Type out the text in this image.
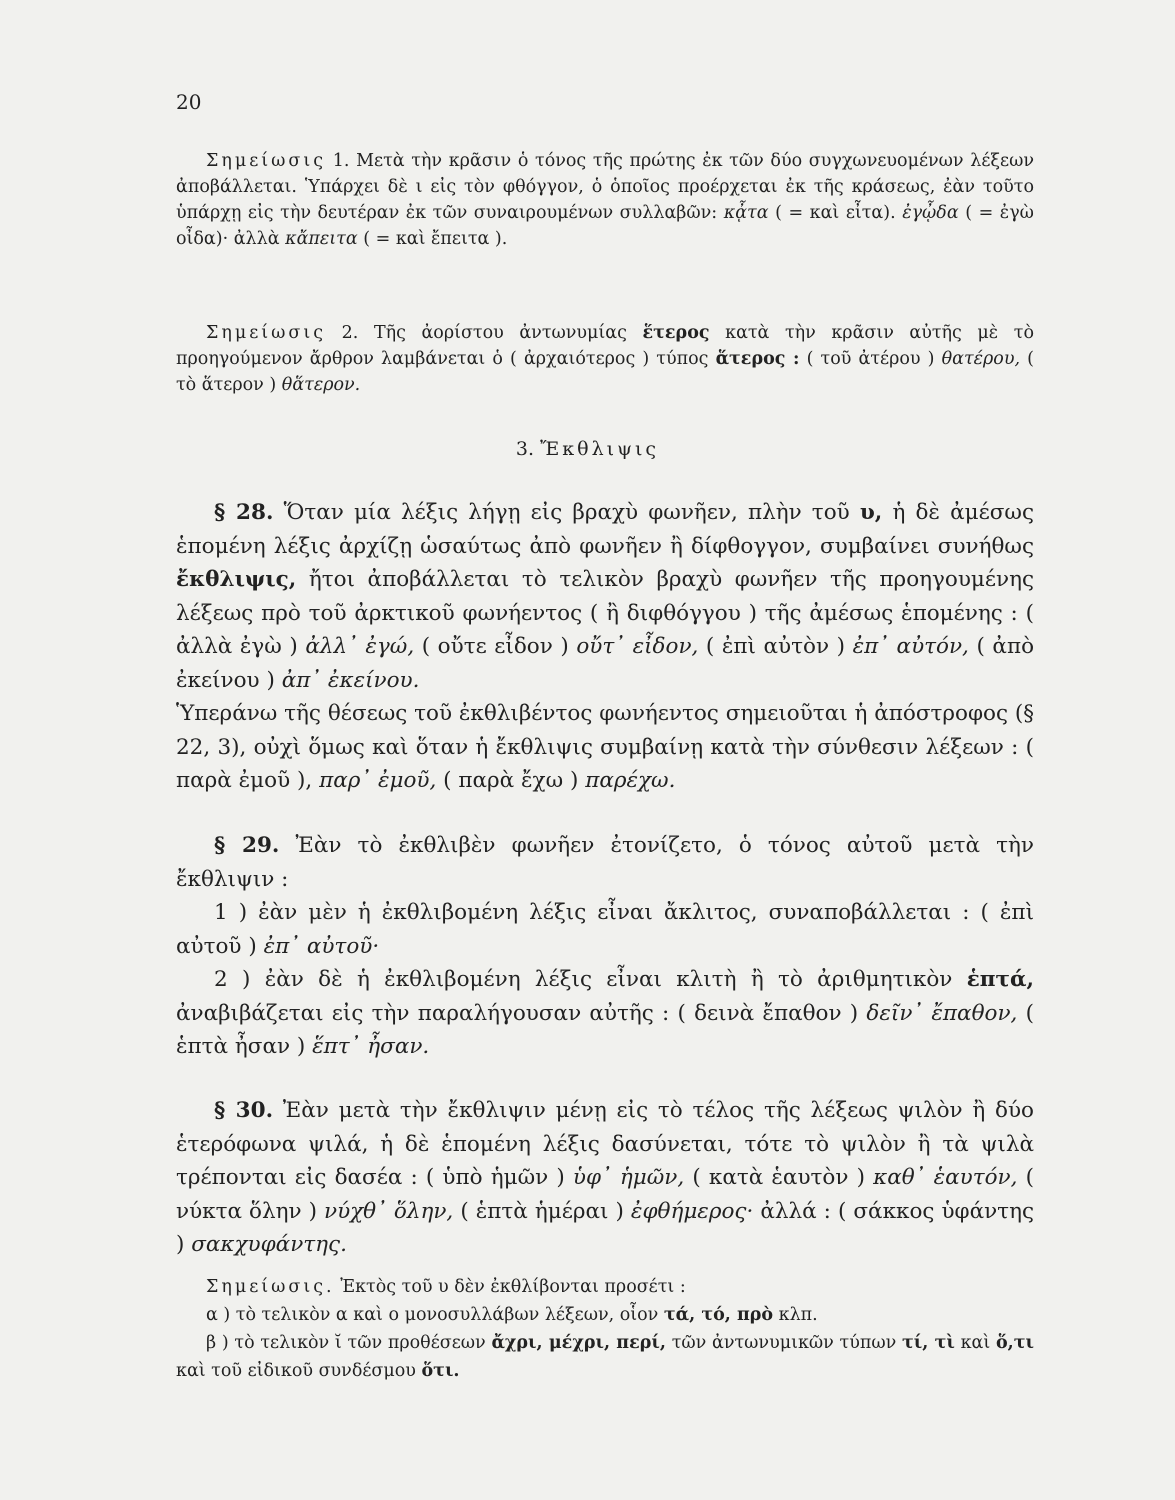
20

Σημείωσις 1. Μετὰ τὴν κρᾶσιν ὁ τόνος τῆς πρώτης ἐκ τῶν δύο συγχωνευομένων λέξεων ἀποβάλλεται. Ὑπάρχει δὲ ι εἰς τὸν φθόγγον, ὁ ὁποῖος προέρχεται ἐκ τῆς κράσεως, ἐὰν τοῦτο ὑπάρχῃ εἰς τὴν δευτέραν ἐκ τῶν συναιρουμένων συλλαβῶν: κᾆτα ( = καὶ εἶτα). ἐγᾦδα ( = ἐγὼ οἶδα)· ἀλλὰ κἄπειτα ( = καὶ ἔπειτα ).

Σημείωσις 2. Τῆς ἀορίστου ἀντωνυμίας ἕτερος κατὰ τὴν κρᾶσιν αὐτῆς μὲ τὸ προηγούμενον ἄρθρον λαμβάνεται ὁ ( ἀρχαιότερος ) τύπος ἅτερος : ( τοῦ ἀτέρου ) θατέρου, ( τὸ ἅτερον ) θἅτερον.

3. Ἔκθλιψις

§ 28. Ὅταν μία λέξις λήγῃ εἰς βραχὺ φωνῆεν, πλὴν τοῦ υ, ἡ δὲ ἀμέσως ἑπομένη λέξις ἀρχίζῃ ὡσαύτως ἀπὸ φωνῆεν ἢ δίφθογγον, συμβαίνει συνήθως ἔκθλιψις, ἤτοι ἀποβάλλεται τὸ τελικὸν βραχὺ φωνῆεν τῆς προηγουμένης λέξεως πρὸ τοῦ ἀρκτικοῦ φωνήεντος ( ἢ διφθόγγου ) τῆς ἀμέσως ἑπομένης : ( ἀλλὰ ἐγὼ ) ἀλλ᾿ ἐγώ, ( οὔτε εἶδον ) οὔτ᾿ εἶδον, ( ἐπὶ αὐτὸν ) ἐπ᾿ αὐτόν, ( ἀπὸ ἐκείνου ) ἀπ᾿ ἐκείνου.

Ὑπεράνω τῆς θέσεως τοῦ ἐκθλιβέντος φωνήεντος σημειοῦται ἡ ἀπόστροφος (§ 22, 3), οὐχὶ ὅμως καὶ ὅταν ἡ ἔκθλιψις συμβαίνῃ κατὰ τὴν σύνθεσιν λέξεων : ( παρὰ ἐμοῦ ), παρ᾿ ἐμοῦ, ( παρὰ ἔχω ) παρέχω.

§ 29. Ἐὰν τὸ ἐκθλιβὲν φωνῆεν ἐτονίζετο, ὁ τόνος αὐτοῦ μετὰ τὴν ἔκθλιψιν :

1 ) ἐὰν μὲν ἡ ἐκθλιβομένη λέξις εἶναι ἄκλιτος, συναποβάλλεται : ( ἐπὶ αὐτοῦ ) ἐπ᾿ αὐτοῦ·

2 ) ἐὰν δὲ ἡ ἐκθλιβομένη λέξις εἶναι κλιτὴ ἢ τὸ ἀριθμητικὸν ἑπτά, ἀναβιβάζεται εἰς τὴν παραλήγουσαν αὐτῆς : ( δεινὰ ἔπαθον ) δεῖν᾿ ἔπαθον, ( ἑπτὰ ἦσαν ) ἕπτ᾿ ἦσαν.

§ 30. Ἐὰν μετὰ τὴν ἔκθλιψιν μένῃ εἰς τὸ τέλος τῆς λέξεως ψιλὸν ἢ δύο ἑτερόφωνα ψιλά, ἡ δὲ ἑπομένη λέξις δασύνεται, τότε τὸ ψιλὸν ἢ τὰ ψιλὰ τρέπονται εἰς δασέα : ( ὑπὸ ἡμῶν ) ὑφ᾿ ἡμῶν, ( κατὰ ἑαυτὸν ) καθ᾿ ἑαυτόν, ( νύκτα ὅλην ) νύχθ᾿ ὅλην, ( ἑπτὰ ἡμέραι ) ἐφθήμερος· ἀλλά : ( σάκκος ὑφάντης ) σακχυφάντης.

Σημείωσις. Ἐκτὸς τοῦ υ δὲν ἐκθλίβονται προσέτι :

α ) τὸ τελικὸν α καὶ ο μονοσυλλάβων λέξεων, οἷον τά, τό, πρὸ κλπ.

β ) τὸ τελικὸν ῐ τῶν προθέσεων ἄχρι, μέχρι, περί, τῶν ἀντωνυμικῶν τύπων τί, τὶ καὶ ὅ,τι καὶ τοῦ εἰδικοῦ συνδέσμου ὅτι.
